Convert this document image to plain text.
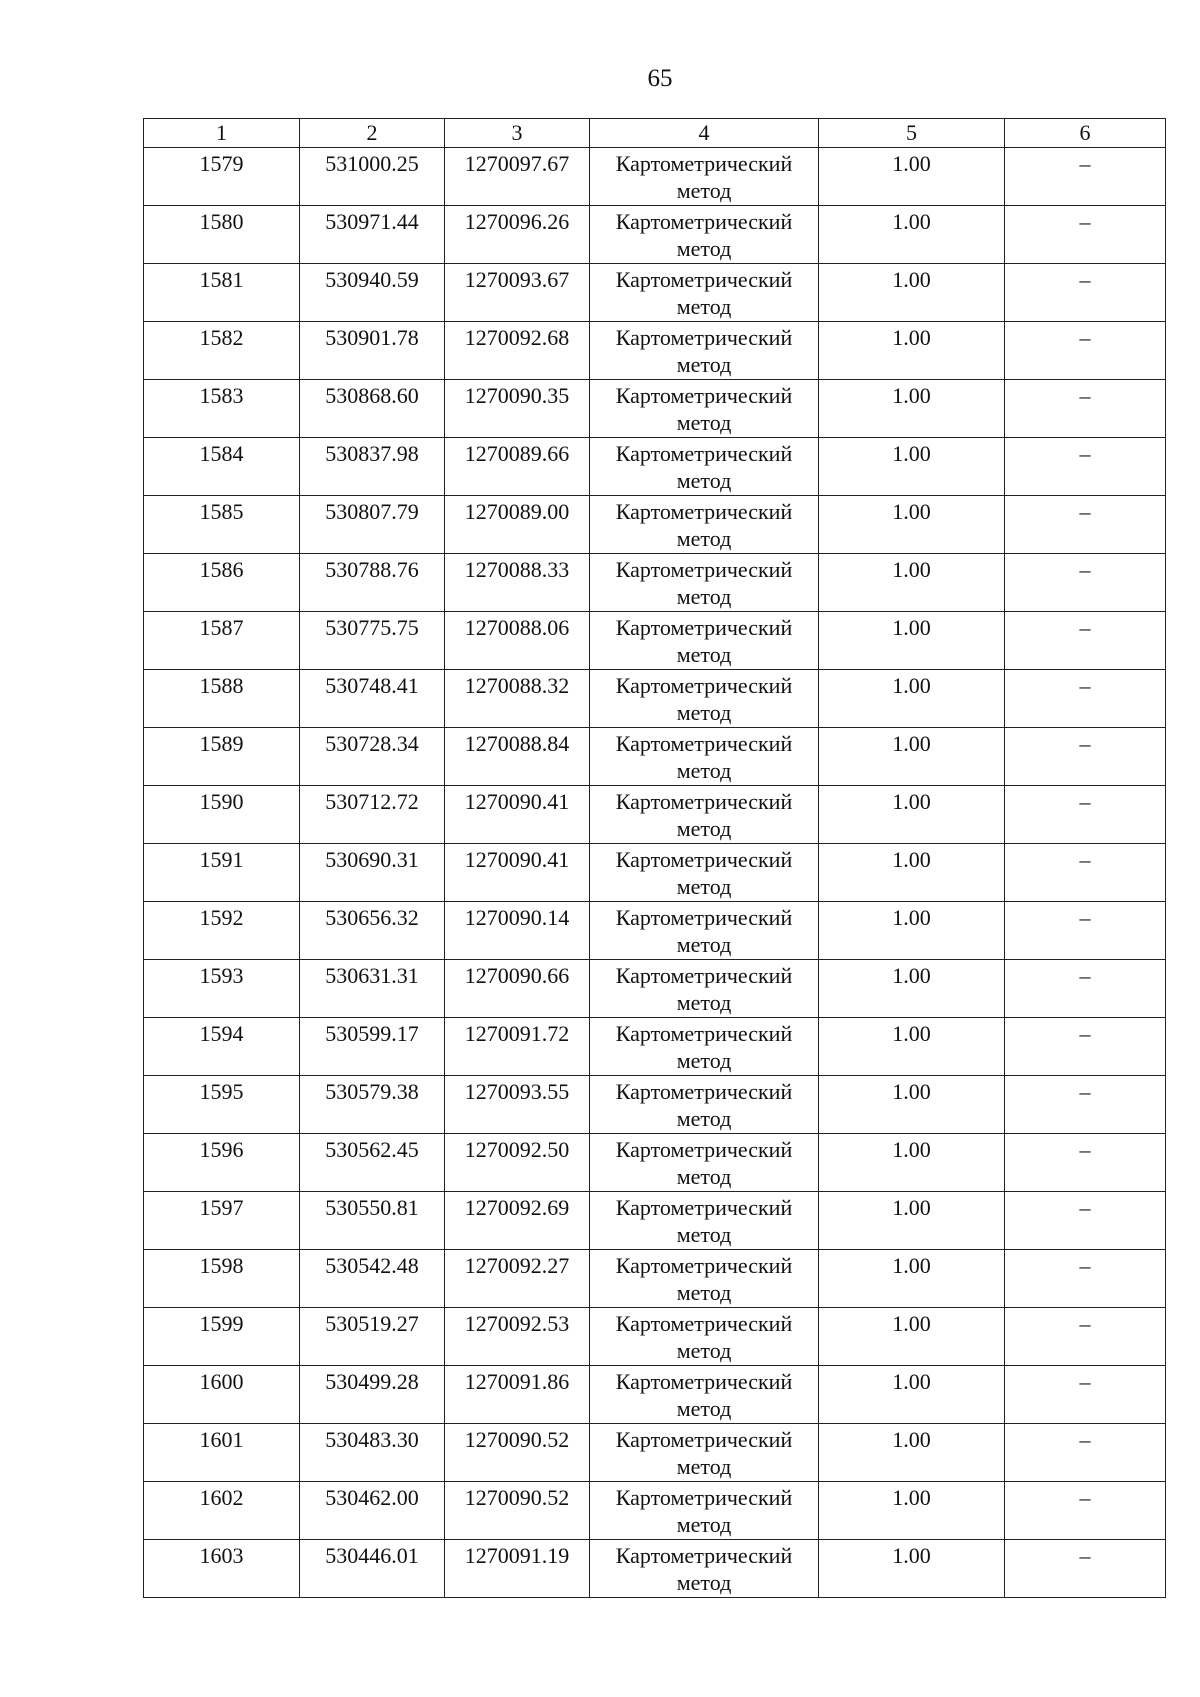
65
1	2	3	4	5	6
1579	531000.25	1270097.67	Картометрический метод	1.00	–
1580	530971.44	1270096.26	Картометрический метод	1.00	–
1581	530940.59	1270093.67	Картометрический метод	1.00	–
1582	530901.78	1270092.68	Картометрический метод	1.00	–
1583	530868.60	1270090.35	Картометрический метод	1.00	–
1584	530837.98	1270089.66	Картометрический метод	1.00	–
1585	530807.79	1270089.00	Картометрический метод	1.00	–
1586	530788.76	1270088.33	Картометрический метод	1.00	–
1587	530775.75	1270088.06	Картометрический метод	1.00	–
1588	530748.41	1270088.32	Картометрический метод	1.00	–
1589	530728.34	1270088.84	Картометрический метод	1.00	–
1590	530712.72	1270090.41	Картометрический метод	1.00	–
1591	530690.31	1270090.41	Картометрический метод	1.00	–
1592	530656.32	1270090.14	Картометрический метод	1.00	–
1593	530631.31	1270090.66	Картометрический метод	1.00	–
1594	530599.17	1270091.72	Картометрический метод	1.00	–
1595	530579.38	1270093.55	Картометрический метод	1.00	–
1596	530562.45	1270092.50	Картометрический метод	1.00	–
1597	530550.81	1270092.69	Картометрический метод	1.00	–
1598	530542.48	1270092.27	Картометрический метод	1.00	–
1599	530519.27	1270092.53	Картометрический метод	1.00	–
1600	530499.28	1270091.86	Картометрический метод	1.00	–
1601	530483.30	1270090.52	Картометрический метод	1.00	–
1602	530462.00	1270090.52	Картометрический метод	1.00	–
1603	530446.01	1270091.19	Картометрический метод	1.00	–
